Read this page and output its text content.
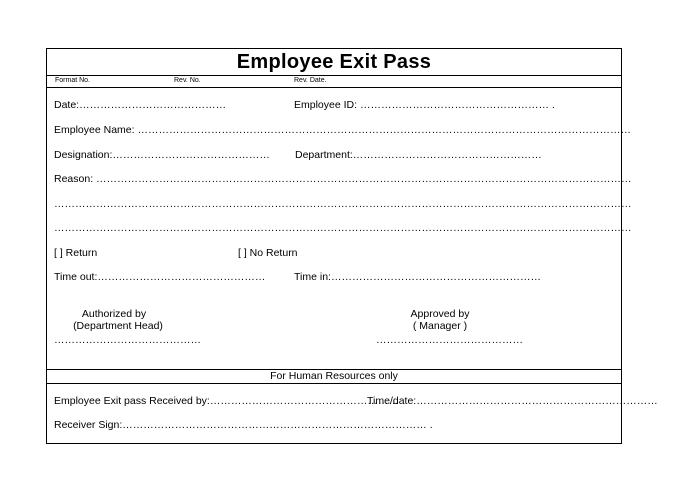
Employee Exit Pass
Format No.	Rev. No.	Rev. Date.
Date:……………………………………	Employee ID: ……………………………………………… .
Employee Name: ……………………………………………………………………………………………………………………………
Designation:……………………………………… Department:………………………………………………
Reason: ………………………………………………………………………………………………………………………………………
…………………………………………………………………………………………………………………………………………………
…………………………………………………………………………………………………………………………………………………
[ ] Return	[ ] No Return
Time out:…………………………………………	Time in:……………………………………………………
Authorized by
(Department Head)
……………………………………
Approved by
( Manager )
……………………………………
For Human Resources only
Employee Exit pass Received by:………………………………………………
Time/date:……………………………………………………………
Receiver Sign:…………………………………………………………………………… .
